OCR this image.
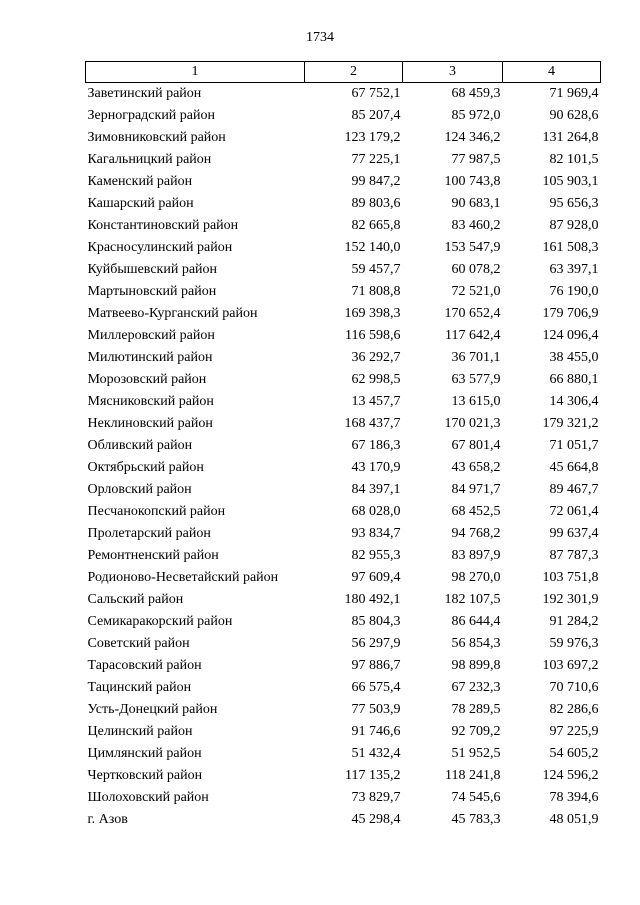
1734
1	2	3	4
Заветинский район	67 752,1	68 459,3	71 969,4
Зерноградский район	85 207,4	85 972,0	90 628,6
Зимовниковский район	123 179,2	124 346,2	131 264,8
Кагальницкий район	77 225,1	77 987,5	82 101,5
Каменский район	99 847,2	100 743,8	105 903,1
Кашарский район	89 803,6	90 683,1	95 656,3
Константиновский район	82 665,8	83 460,2	87 928,0
Красносулинский район	152 140,0	153 547,9	161 508,3
Куйбышевский район	59 457,7	60 078,2	63 397,1
Мартыновский район	71 808,8	72 521,0	76 190,0
Матвеево-Курганский район	169 398,3	170 652,4	179 706,9
Миллеровский район	116 598,6	117 642,4	124 096,4
Милютинский район	36 292,7	36 701,1	38 455,0
Морозовский район	62 998,5	63 577,9	66 880,1
Мясниковский район	13 457,7	13 615,0	14 306,4
Неклиновский район	168 437,7	170 021,3	179 321,2
Обливский район	67 186,3	67 801,4	71 051,7
Октябрьский район	43 170,9	43 658,2	45 664,8
Орловский район	84 397,1	84 971,7	89 467,7
Песчанокопский район	68 028,0	68 452,5	72 061,4
Пролетарский район	93 834,7	94 768,2	99 637,4
Ремонтненский район	82 955,3	83 897,9	87 787,3
Родионово-Несветайский район	97 609,4	98 270,0	103 751,8
Сальский район	180 492,1	182 107,5	192 301,9
Семикаракорский район	85 804,3	86 644,4	91 284,2
Советский район	56 297,9	56 854,3	59 976,3
Тарасовский район	97 886,7	98 899,8	103 697,2
Тацинский район	66 575,4	67 232,3	70 710,6
Усть-Донецкий район	77 503,9	78 289,5	82 286,6
Целинский район	91 746,6	92 709,2	97 225,9
Цимлянский район	51 432,4	51 952,5	54 605,2
Чертковский район	117 135,2	118 241,8	124 596,2
Шолоховский район	73 829,7	74 545,6	78 394,6
г. Азов	45 298,4	45 783,3	48 051,9
